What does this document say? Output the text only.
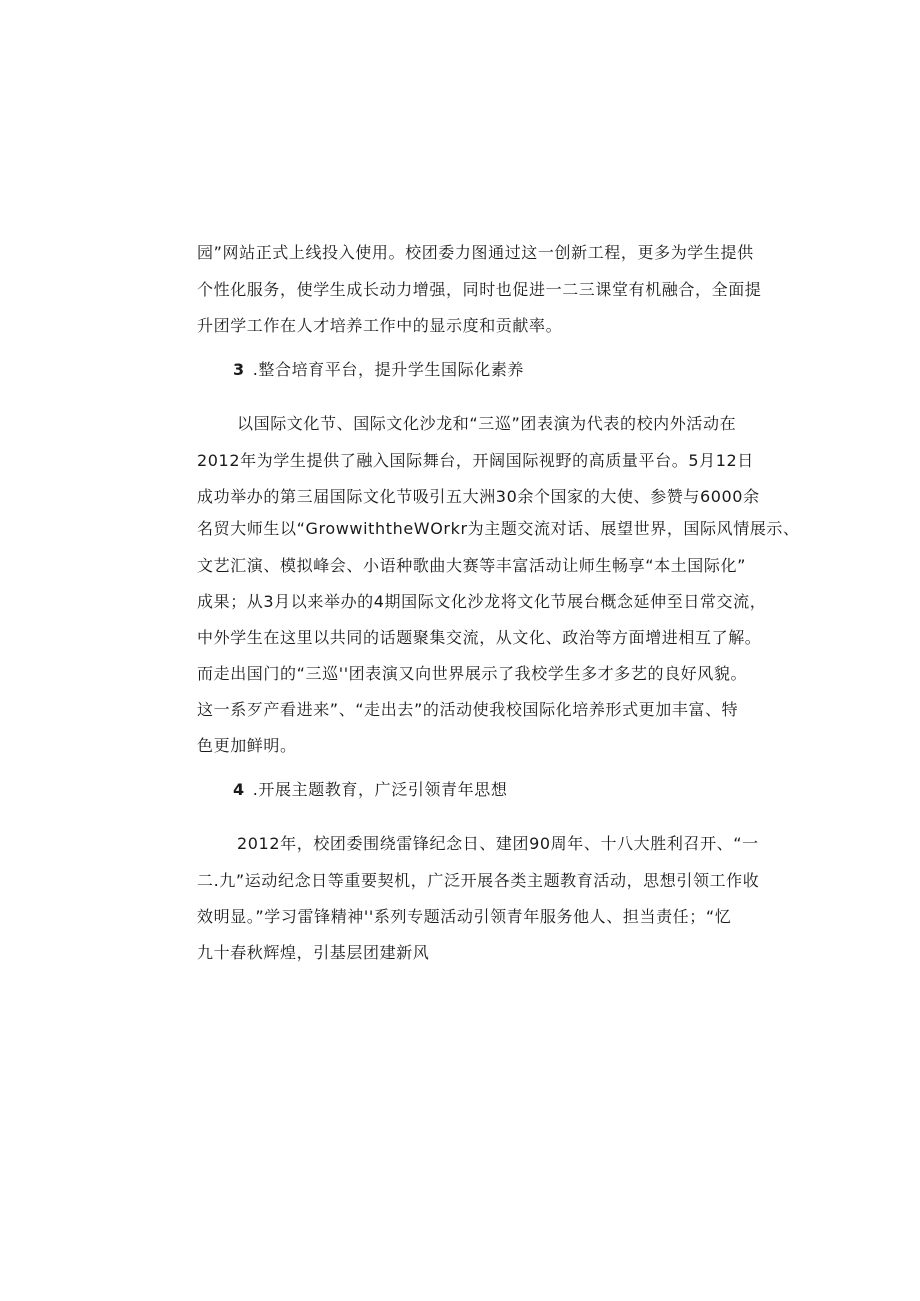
园”网站正式上线投入使用。校团委力图通过这一创新工程，更多为学生提供
个性化服务，使学生成长动力增强，同时也促进一二三课堂有机融合，全面提
升团学工作在人才培养工作中的显示度和贡献率。
3 .整合培育平台，提升学生国际化素养
以国际文化节、国际文化沙龙和“三巡”团表演为代表的校内外活动在
2012年为学生提供了融入国际舞台，开阔国际视野的高质量平台。5月12日
成功举办的第三届国际文化节吸引五大洲30余个国家的大使、参赞与6000余
名贸大师生以“GrowwiththeWOrkr为主题交流对话、展望世界，国际风情展示、
文艺汇演、模拟峰会、小语种歌曲大赛等丰富活动让师生畅享“本土国际化”
成果；从3月以来举办的4期国际文化沙龙将文化节展台概念延伸至日常交流，
中外学生在这里以共同的话题聚集交流，从文化、政治等方面增进相互了解。
而走出国门的“三巡''团表演又向世界展示了我校学生多才多艺的良好风貌。
这一系歹产看进来”、“走出去”的活动使我校国际化培养形式更加丰富、特
色更加鲜明。
4 .开展主题教育，广泛引领青年思想
2012年，校团委围绕雷锋纪念日、建团90周年、十八大胜利召开、“一
二.九”运动纪念日等重要契机，广泛开展各类主题教育活动，思想引领工作收
效明显。”学习雷锋精神''系列专题活动引领青年服务他人、担当责任；“忆
九十春秋辉煌，引基层团建新风
